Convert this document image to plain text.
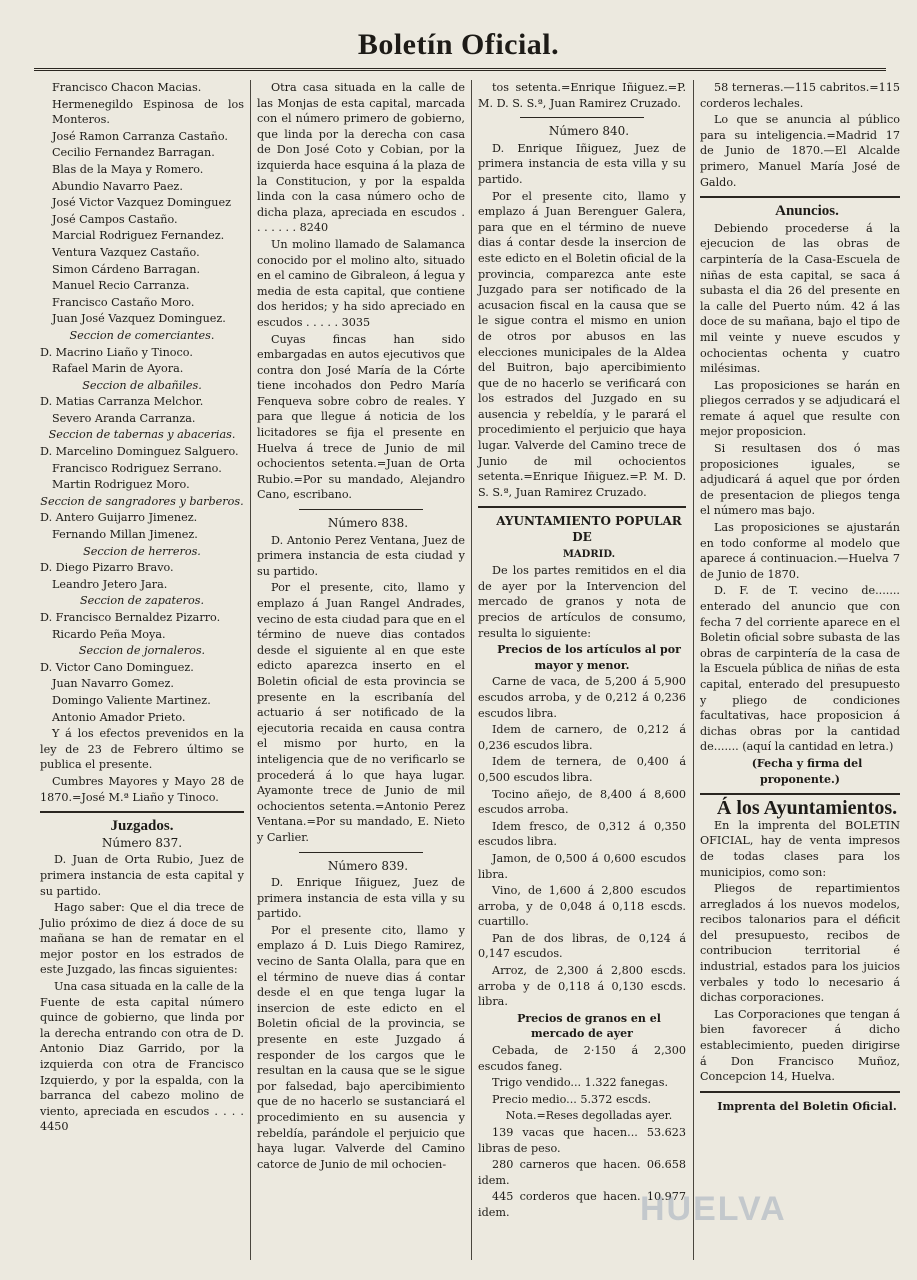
Boletín Oficial.

Francisco Chacon Macias.

Hermenegildo Espinosa de los Monteros.

José Ramon Carranza Castaño.

Cecilio Fernandez Barragan.

Blas de la Maya y Romero.

Abundio Navarro Paez.

José Victor Vazquez Dominguez

José Campos Castaño.

Marcial Rodriguez Fernandez.

Ventura Vazquez Castaño.

Simon Cárdeno Barragan.

Manuel Recio Carranza.

Francisco Castaño Moro.

Juan José Vazquez Dominguez.

Seccion de comerciantes.

D. Macrino Liaño y Tinoco.

Rafael Marin de Ayora.

Seccion de albañiles.

D. Matias Carranza Melchor.

Severo Aranda Carranza.

Seccion de tabernas y abacerias.

D. Marcelino Dominguez Salguero.

Francisco Rodriguez Serrano.

Martin Rodriguez Moro.

Seccion de sangradores y barberos.

D. Antero Guijarro Jimenez.

Fernando Millan Jimenez.

Seccion de herreros.

D. Diego Pizarro Bravo.

Leandro Jetero Jara.

Seccion de zapateros.

D. Francisco Bernaldez Pizarro.

Ricardo Peña Moya.

Seccion de jornaleros.

D. Victor Cano Dominguez.

Juan Navarro Gomez.

Domingo Valiente Martinez.

Antonio Amador Prieto.

Y á los efectos prevenidos en la ley de 23 de Febrero último se publica el presente.

Cumbres Mayores y Mayo 28 de 1870.=José M.ª Liaño y Tinoco.

Juzgados.

Número 837.

D. Juan de Orta Rubio, Juez de primera instancia de esta capital y su partido.

Hago saber: Que el dia trece de Julio próximo de diez á doce de su mañana se han de rematar en el mejor postor en los estrados de este Juzgado, las fincas siguientes:

Una casa situada en la calle de la Fuente de esta capital número quince de gobierno, que linda por la derecha entrando con otra de D. Antonio Diaz Garrido, por la izquierda con otra de Francisco Izquierdo, y por la espalda, con la barranca del cabezo molino de viento, apreciada en escudos . . . . 4450

Otra casa situada en la calle de las Monjas de esta capital, marcada con el número primero de gobierno, que linda por la derecha con casa de Don José Coto y Cobian, por la izquierda hace esquina á la plaza de la Constitucion, y por la espalda linda con la casa número ocho de dicha plaza, apreciada en escudos . . . . . . . 8240

Un molino llamado de Salamanca conocido por el molino alto, situado en el camino de Gibraleon, á legua y media de esta capital, que contiene dos heridos; y ha sido apreciado en escudos . . . . . 3035

Cuyas fincas han sido embargadas en autos ejecutivos que contra don José María de la Córte tiene incohados don Pedro María Fenqueva sobre cobro de reales. Y para que llegue á noticia de los licitadores se fija el presente en Huelva á trece de Junio de mil ochocientos setenta.=Juan de Orta Rubio.=Por su mandado, Alejandro Cano, escribano.

Número 838.

D. Antonio Perez Ventana, Juez de primera instancia de esta ciudad y su partido.

Por el presente, cito, llamo y emplazo á Juan Rangel Andrades, vecino de esta ciudad para que en el término de nueve dias contados desde el siguiente al en que este edicto aparezca inserto en el Boletin oficial de esta provincia se presente en la escribanía del actuario á ser notificado de la ejecutoria recaida en causa contra el mismo por hurto, en la inteligencia que de no verificarlo se procederá á lo que haya lugar. Ayamonte trece de Junio de mil ochocientos setenta.=Antonio Perez Ventana.=Por su mandado, E. Nieto y Carlier.

Número 839.

D. Enrique Iñiguez, Juez de primera instancia de esta villa y su partido.

Por el presente cito, llamo y emplazo á D. Luis Diego Ramirez, vecino de Santa Olalla, para que en el término de nueve dias á contar desde el en que tenga lugar la insercion de este edicto en el Boletin oficial de la provincia, se presente en este Juzgado á responder de los cargos que le resultan en la causa que se le sigue por falsedad, bajo apercibimiento que de no hacerlo se sustanciará el procedimiento en su ausencia y rebeldía, parándole el perjuicio que haya lugar. Valverde del Camino catorce de Junio de mil ochocien-

tos setenta.=Enrique Iñiguez.=P. M. D. S. S.ª, Juan Ramirez Cruzado.

Número 840.

D. Enrique Iñiguez, Juez de primera instancia de esta villa y su partido.

Por el presente cito, llamo y emplazo á Juan Berenguer Galera, para que en el término de nueve dias á contar desde la insercion de este edicto en el Boletin oficial de la provincia, comparezca ante este Juzgado para ser notificado de la acusacion fiscal en la causa que se le sigue contra el mismo en union de otros por abusos en las elecciones municipales de la Aldea del Buitron, bajo apercibimiento que de no hacerlo se verificará con los estrados del Juzgado en su ausencia y rebeldía, y le parará el procedimiento el perjuicio que haya lugar. Valverde del Camino trece de Junio de mil ochocientos setenta.=Enrique Iñiguez.=P. M. D. S. S.ª, Juan Ramirez Cruzado.

AYUNTAMIENTO POPULAR DE

MADRID.

De los partes remitidos en el dia de ayer por la Intervencion del mercado de granos y nota de precios de artículos de consumo, resulta lo siguiente:

Precios de los artículos al por mayor y menor.

Carne de vaca, de 5,200 á 5,900 escudos arroba, y de 0,212 á 0,236 escudos libra.

Idem de carnero, de 0,212 á 0,236 escudos libra.

Idem de ternera, de 0,400 á 0,500 escudos libra.

Tocino añejo, de 8,400 á 8,600 escudos arroba.

Idem fresco, de 0,312 á 0,350 escudos libra.

Jamon, de 0,500 á 0,600 escudos libra.

Vino, de 1,600 á 2,800 escudos arroba, y de 0,048 á 0,118 escds. cuartillo.

Pan de dos libras, de 0,124 á 0,147 escudos.

Arroz, de 2,300 á 2,800 escds. arroba y de 0,118 á 0,130 escds. libra.

Precios de granos en el mercado de ayer

Cebada, de 2·150 á 2,300 escudos faneg.

Trigo vendido... 1.322 fanegas.

Precio medio... 5.372 escds.

Nota.=Reses degolladas ayer.

139 vacas que hacen... 53.623 libras de peso.

280 carneros que hacen. 06.658 idem.

445 corderos que hacen. 10.977 idem.

58 terneras.—115 cabritos.=115 corderos lechales.

Lo que se anuncia al público para su inteligencia.=Madrid 17 de Junio de 1870.—El Alcalde primero, Manuel María José de Galdo.

Anuncios.

Debiendo procederse á la ejecucion de las obras de carpintería de la Casa-Escuela de niñas de esta capital, se saca á subasta el dia 26 del presente en la calle del Puerto núm. 42 á las doce de su mañana, bajo el tipo de mil veinte y nueve escudos y ochocientas ochenta y cuatro milésimas.

Las proposiciones se harán en pliegos cerrados y se adjudicará el remate á aquel que resulte con mejor proposicion.

Si resultasen dos ó mas proposiciones iguales, se adjudicará á aquel que por órden de presentacion de pliegos tenga el número mas bajo.

Las proposiciones se ajustarán en todo conforme al modelo que aparece á continuacion.—Huelva 7 de Junio de 1870.

D. F. de T. vecino de....... enterado del anuncio que con fecha 7 del corriente aparece en el Boletin oficial sobre subasta de las obras de carpintería de la casa de la Escuela pública de niñas de esta capital, enterado del presupuesto y pliego de condiciones facultativas, hace proposicion á dichas obras por la cantidad de....... (aquí la cantidad en letra.)

(Fecha y firma del proponente.)

Á los Ayuntamientos.

En la imprenta del BOLETIN OFICIAL, hay de venta impresos de todas clases para los municipios, como son:

Pliegos de repartimientos arreglados á los nuevos modelos, recibos talonarios para el déficit del presupuesto, recibos de contribucion territorial é industrial, estados para los juicios verbales y todo lo necesario á dichas corporaciones.

Las Corporaciones que tengan á bien favorecer á dicho establecimiento, pueden dirigirse á Don Francisco Muñoz, Concepcion 14, Huelva.

Imprenta del Boletin Oficial.

HUELVA
